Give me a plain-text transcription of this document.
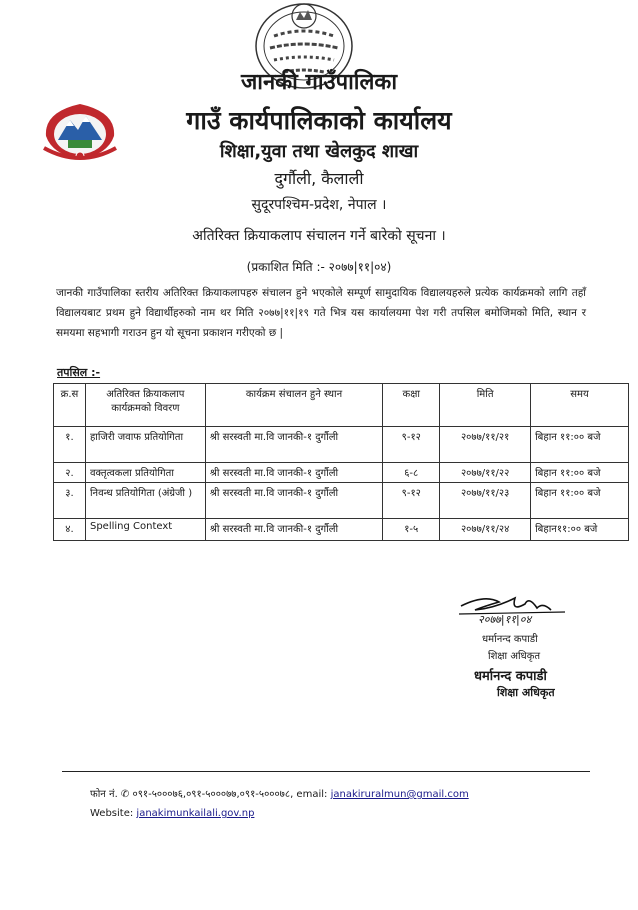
जानकी गाउँपालिका
गाउँ कार्यपालिकाको कार्यालय
शिक्षा,युवा तथा खेलकुद शाखा
दुर्गौली, कैलाली
सुदूरपश्चिम-प्रदेश, नेपाल ।
अतिरिक्त क्रियाकलाप संचालन गर्ने बारेको सूचना ।
(प्रकाशित मिति :- २०७७|११|०४)
जानकी गाउँपालिका स्तरीय अतिरिक्त क्रियाकलापहरु संचालन हुने भएकोले सम्पूर्ण सामुदायिक विद्यालयहरुले प्रत्येक कार्यक्रमको लागि तहाँ विद्यालयबाट प्रथम हुने विद्यार्थीहरुको नाम थर मिति २०७७|११|१९ गते भित्र यस कार्यालयमा पेश गरी तपसिल बमोजिमको मिति, स्थान र समयमा सहभागी गराउन हुन यो सूचना प्रकाशन गरीएको छ |
तपसिल :-
क्र.स	अतिरिक्त क्रियाकलाप कार्यक्रमको विवरण	कार्यक्रम संचालन हुने स्थान	कक्षा	मिति	समय
१.	हाजिरी जवाफ प्रतियोगिता	श्री सरस्वती मा.वि जानकी-१ दुर्गौली	९-१२	२०७७/११/२१	बिहान ११:०० बजे
२.	वक्तृत्वकला प्रतियोगिता	श्री सरस्वती मा.वि जानकी-१ दुर्गौली	६-८	२०७७/११/२२	बिहान ११:०० बजे
३.	निवन्ध प्रतियोगिता (अंग्रेजी )	श्री सरस्वती मा.वि जानकी-१ दुर्गौली	९-१२	२०७७/११/२३	बिहान ११:०० बजे
४.	Spelling Context	श्री सरस्वती मा.वि जानकी-१ दुर्गौली	१-५	२०७७/११/२४	बिहान११:०० बजे
२०७७|११|०४
धर्मानन्द कपाडी
शिक्षा अधिकृत
धर्मानन्द कपाडी
शिक्षा अधिकृत
फोन नं. ✆ ०९१-५०००७६,०९१-५०००७७,०९१-५०००७८, email: janakiruralmun@gmail.com
Website: janakimunkailali.gov.np
